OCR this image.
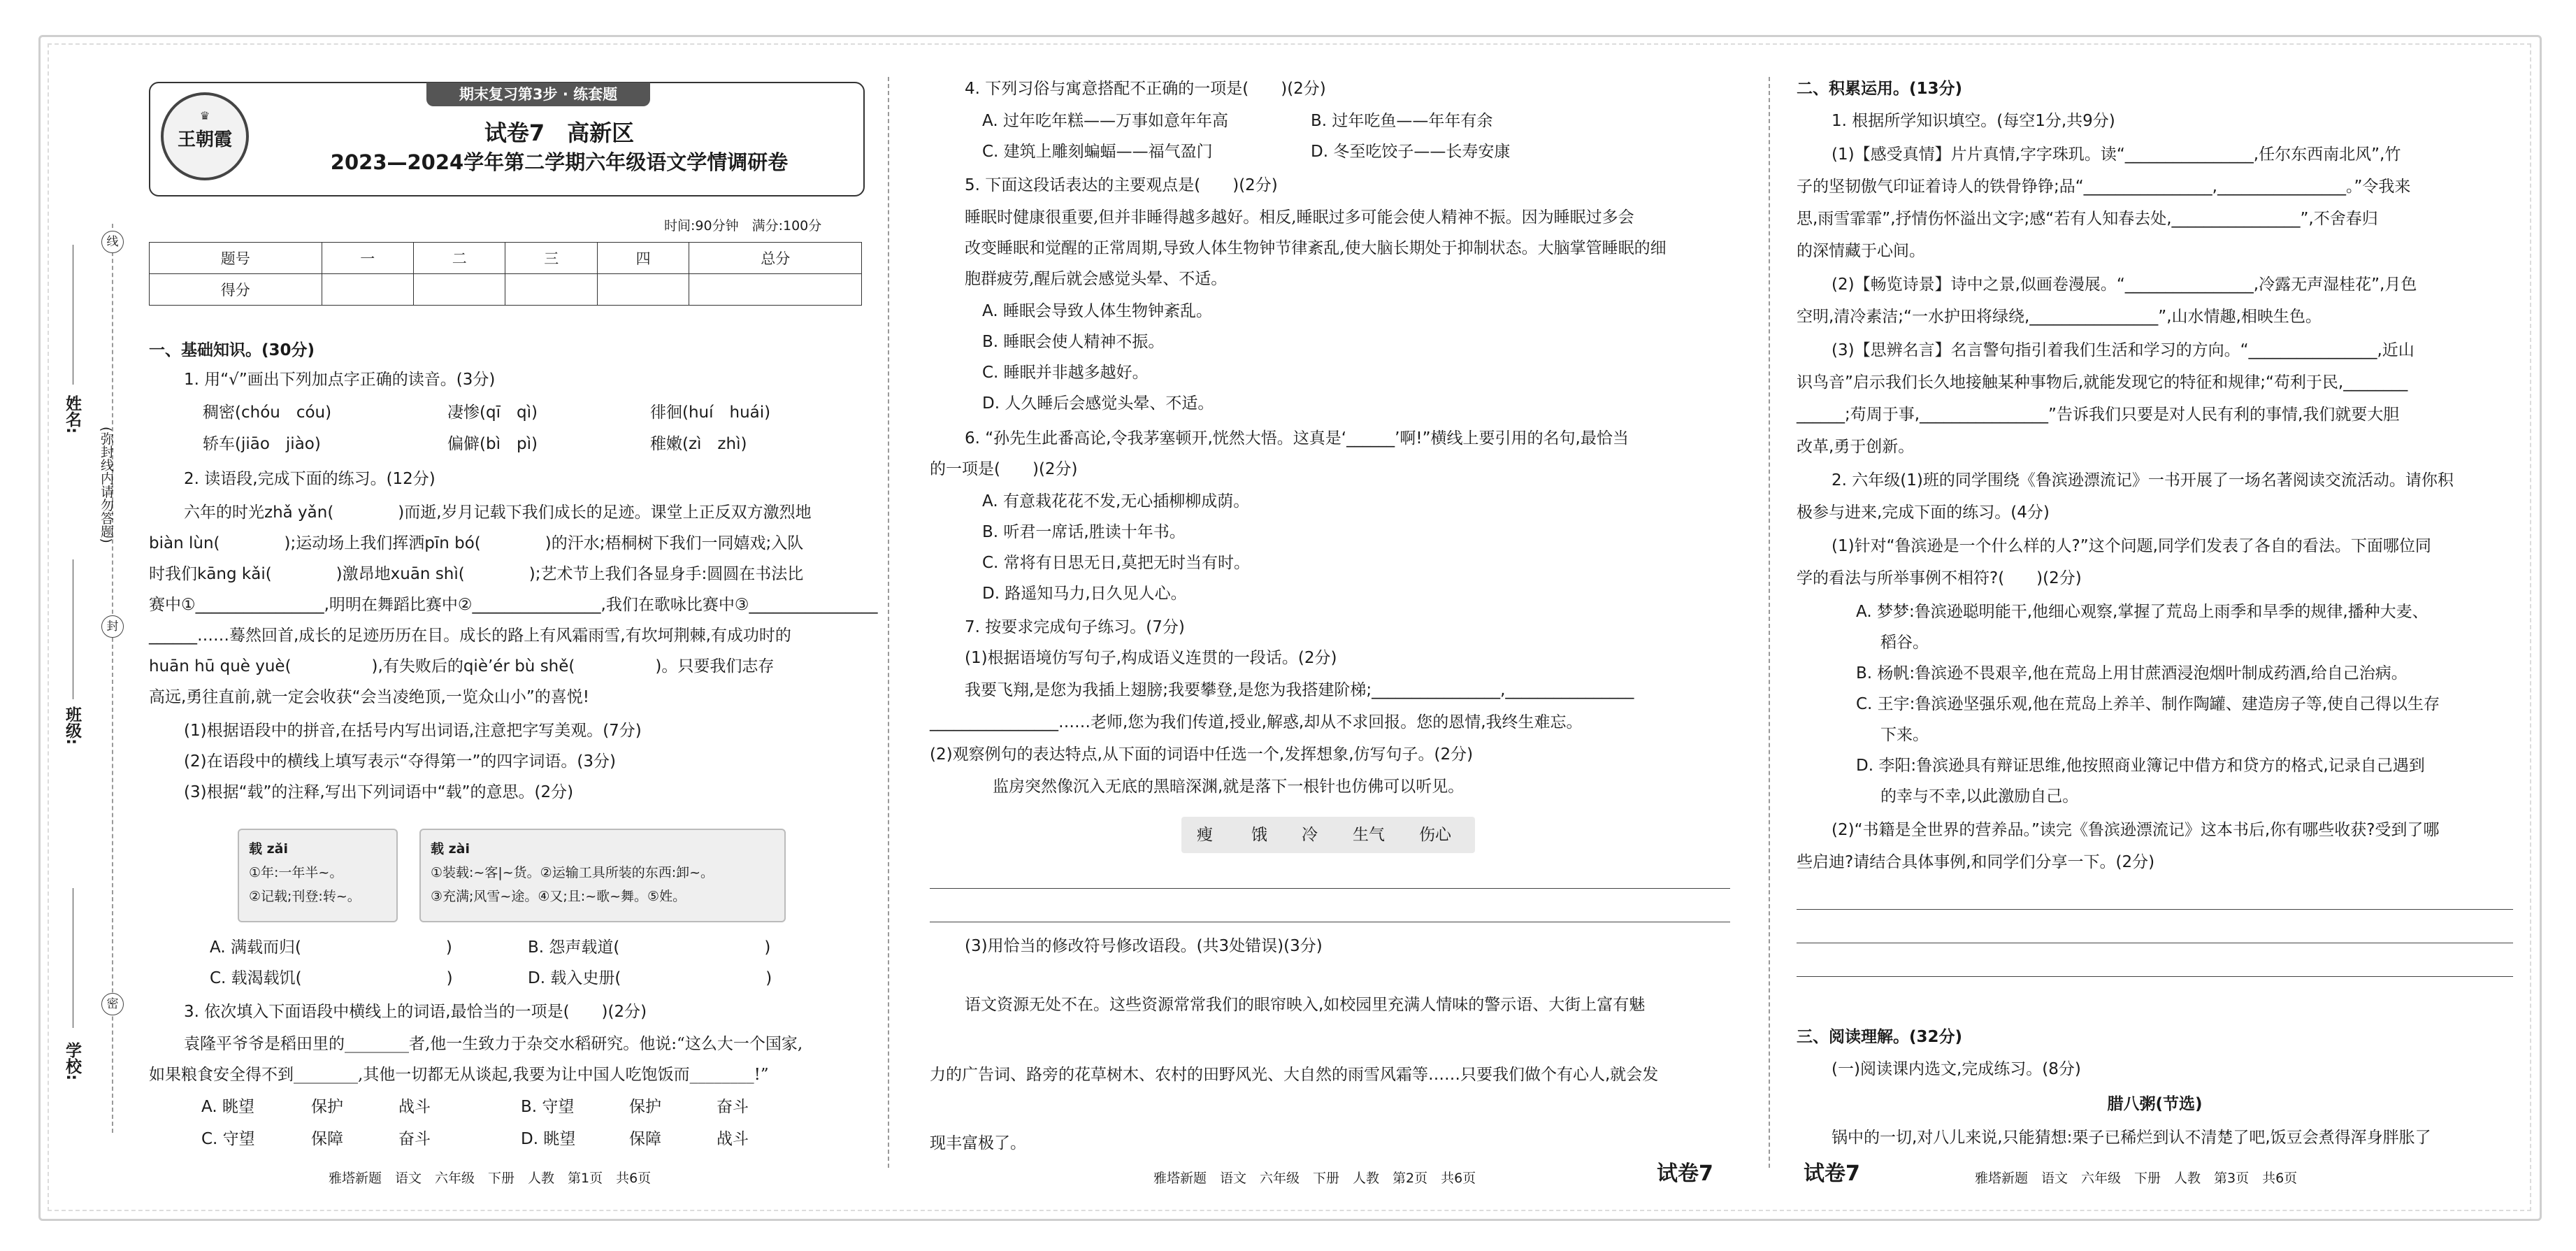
线
封
密
姓名:
(弥封线内请勿答题)
班级:
学校:
期末复习第3步 · 练套题
♛
王朝霞	试卷7　高新区
2023—2024学年第二学期六年级语文学情调研卷
时间:90分钟　满分:100分
题号	一	二	三	四	总分
得分					
一、基础知识。(30分)
1. 用“√”画出下列加点字正确的读音。(3分)
稠密(chóu　cóu)	凄惨(qī　qì)	徘徊(huí　huái)
轿车(jiāo　jiào)	偏僻(bì　pì)	稚嫩(zì　zhì)
2. 读语段,完成下面的练习。(12分)
六年的时光zhǎ yǎn(　　　　)而逝,岁月记载下我们成长的足迹。课堂上正反双方激烈地
biàn lùn(　　　　);运动场上我们挥洒pīn bó(　　　　)的汗水;梧桐树下我们一同嬉戏;入队
时我们kāng kǎi(　　　　)激昂地xuān shì(　　　　);艺术节上我们各显身手:圆圆在书法比
赛中①________________,明明在舞蹈比赛中②________________,我们在歌咏比赛中③________________
______……蓦然回首,成长的足迹历历在目。成长的路上有风霜雨雪,有坎坷荆棘,有成功时的
huān hū què yuè(　　　　　),有失败后的qiè’ér bù shě(　　　　　)。只要我们志存
高远,勇往直前,就一定会收获“会当凌绝顶,一览众山小”的喜悦!
(1)根据语段中的拼音,在括号内写出词语,注意把字写美观。(7分)
(2)在语段中的横线上填写表示“夺得第一”的四字词语。(3分)
(3)根据“载”的注释,写出下列词语中“载”的意思。(2分)
载 zǎi
①年:一年半~。
②记载;刊登:转~。
载 zài
①装载:~客|~货。②运输工具所装的东西:卸~。
③充满;风雪~途。④又;且:~歌~舞。⑤姓。
A. 满载而归(　　　　　　　　　)	B. 怨声载道(　　　　　　　　　)
C. 载渴载饥(　　　　　　　　　)	D. 载入史册(　　　　　　　　　)
3. 依次填入下面语段中横线上的词语,最恰当的一项是(　　)(2分)
袁隆平爷爷是稻田里的________者,他一生致力于杂交水稻研究。他说:“这么大一个国家,
如果粮食安全得不到________,其他一切都无从谈起,我要为让中国人吃饱饭而________!”
A. 眺望	保护	战斗	B. 守望	保护	奋斗
C. 守望	保障	奋斗	D. 眺望	保障	战斗
雅塔新题　语文　六年级　下册　人教　第1页　共6页
4. 下列习俗与寓意搭配不正确的一项是(　　)(2分)
A. 过年吃年糕——万事如意年年高	B. 过年吃鱼——年年有余
C. 建筑上雕刻蝙蝠——福气盈门	D. 冬至吃饺子——长寿安康
5. 下面这段话表达的主要观点是(　　)(2分)
睡眠时健康很重要,但并非睡得越多越好。相反,睡眠过多可能会使人精神不振。因为睡眠过多会
改变睡眠和觉醒的正常周期,导致人体生物钟节律紊乱,使大脑长期处于抑制状态。大脑掌管睡眠的细
胞群疲劳,醒后就会感觉头晕、不适。
A. 睡眠会导致人体生物钟紊乱。
B. 睡眠会使人精神不振。
C. 睡眠并非越多越好。
D. 人久睡后会感觉头晕、不适。
6. “孙先生此番高论,令我茅塞顿开,恍然大悟。这真是‘______’啊!”横线上要引用的名句,最恰当
的一项是(　　)(2分)
A. 有意栽花花不发,无心插柳柳成荫。
B. 听君一席话,胜读十年书。
C. 常将有日思无日,莫把无时当有时。
D. 路遥知马力,日久见人心。
7. 按要求完成句子练习。(7分)
(1)根据语境仿写句子,构成语义连贯的一段话。(2分)
我要飞翔,是您为我插上翅膀;我要攀登,是您为我搭建阶梯;________________,________________
________________……老师,您为我们传道,授业,解惑,却从不求回报。您的恩情,我终生难忘。
(2)观察例句的表达特点,从下面的词语中任选一个,发挥想象,仿写句子。(2分)
监房突然像沉入无底的黑暗深渊,就是落下一根针也仿佛可以听见。
瘦 饿 冷 生气 伤心
(3)用恰当的修改符号修改语段。(共3处错误)(3分)
语文资源无处不在。这些资源常常我们的眼帘映入,如校园里充满人情味的警示语、大街上富有魅
力的广告词、路旁的花草树木、农村的田野风光、大自然的雨雪风霜等……只要我们做个有心人,就会发
现丰富极了。
雅塔新题　语文　六年级　下册　人教　第2页　共6页	试卷7
二、积累运用。(13分)
1. 根据所学知识填空。(每空1分,共9分)
(1)【感受真情】片片真情,字字珠玑。读“________________,任尔东西南北风”,竹
子的坚韧傲气印证着诗人的铁骨铮铮;品“________________,________________。”令我来
思,雨雪霏霏”,抒情伤怀溢出文字;感“若有人知春去处,________________”,不舍春归
的深情藏于心间。
(2)【畅览诗景】诗中之景,似画卷漫展。“________________,冷露无声湿桂花”,月色
空明,清冷素洁;“一水护田将绿绕,________________”,山水情趣,相映生色。
(3)【思辨名言】名言警句指引着我们生活和学习的方向。“________________,近山
识鸟音”启示我们长久地接触某种事物后,就能发现它的特征和规律;“苟利于民,________
______;苟周于事,________________”告诉我们只要是对人民有利的事情,我们就要大胆
改革,勇于创新。
2. 六年级(1)班的同学围绕《鲁滨逊漂流记》一书开展了一场名著阅读交流活动。请你积
极参与进来,完成下面的练习。(4分)
(1)针对“鲁滨逊是一个什么样的人?”这个问题,同学们发表了各自的看法。下面哪位同
学的看法与所举事例不相符?(　　)(2分)
A. 梦梦:鲁滨逊聪明能干,他细心观察,掌握了荒岛上雨季和旱季的规律,播种大麦、
稻谷。
B. 杨帆:鲁滨逊不畏艰辛,他在荒岛上用甘蔗酒浸泡烟叶制成药酒,给自己治病。
C. 王宇:鲁滨逊坚强乐观,他在荒岛上养羊、制作陶罐、建造房子等,使自己得以生存
下来。
D. 李阳:鲁滨逊具有辩证思维,他按照商业簿记中借方和贷方的格式,记录自己遇到
的幸与不幸,以此激励自己。
(2)“书籍是全世界的营养品。”读完《鲁滨逊漂流记》这本书后,你有哪些收获?受到了哪
些启迪?请结合具体事例,和同学们分享一下。(2分)
三、阅读理解。(32分)
(一)阅读课内选文,完成练习。(8分)
腊八粥(节选)
锅中的一切,对八儿来说,只能猜想:栗子已稀烂到认不清楚了吧,饭豆会煮得浑身胖胀了
试卷7	雅塔新题　语文　六年级　下册　人教　第3页　共6页
